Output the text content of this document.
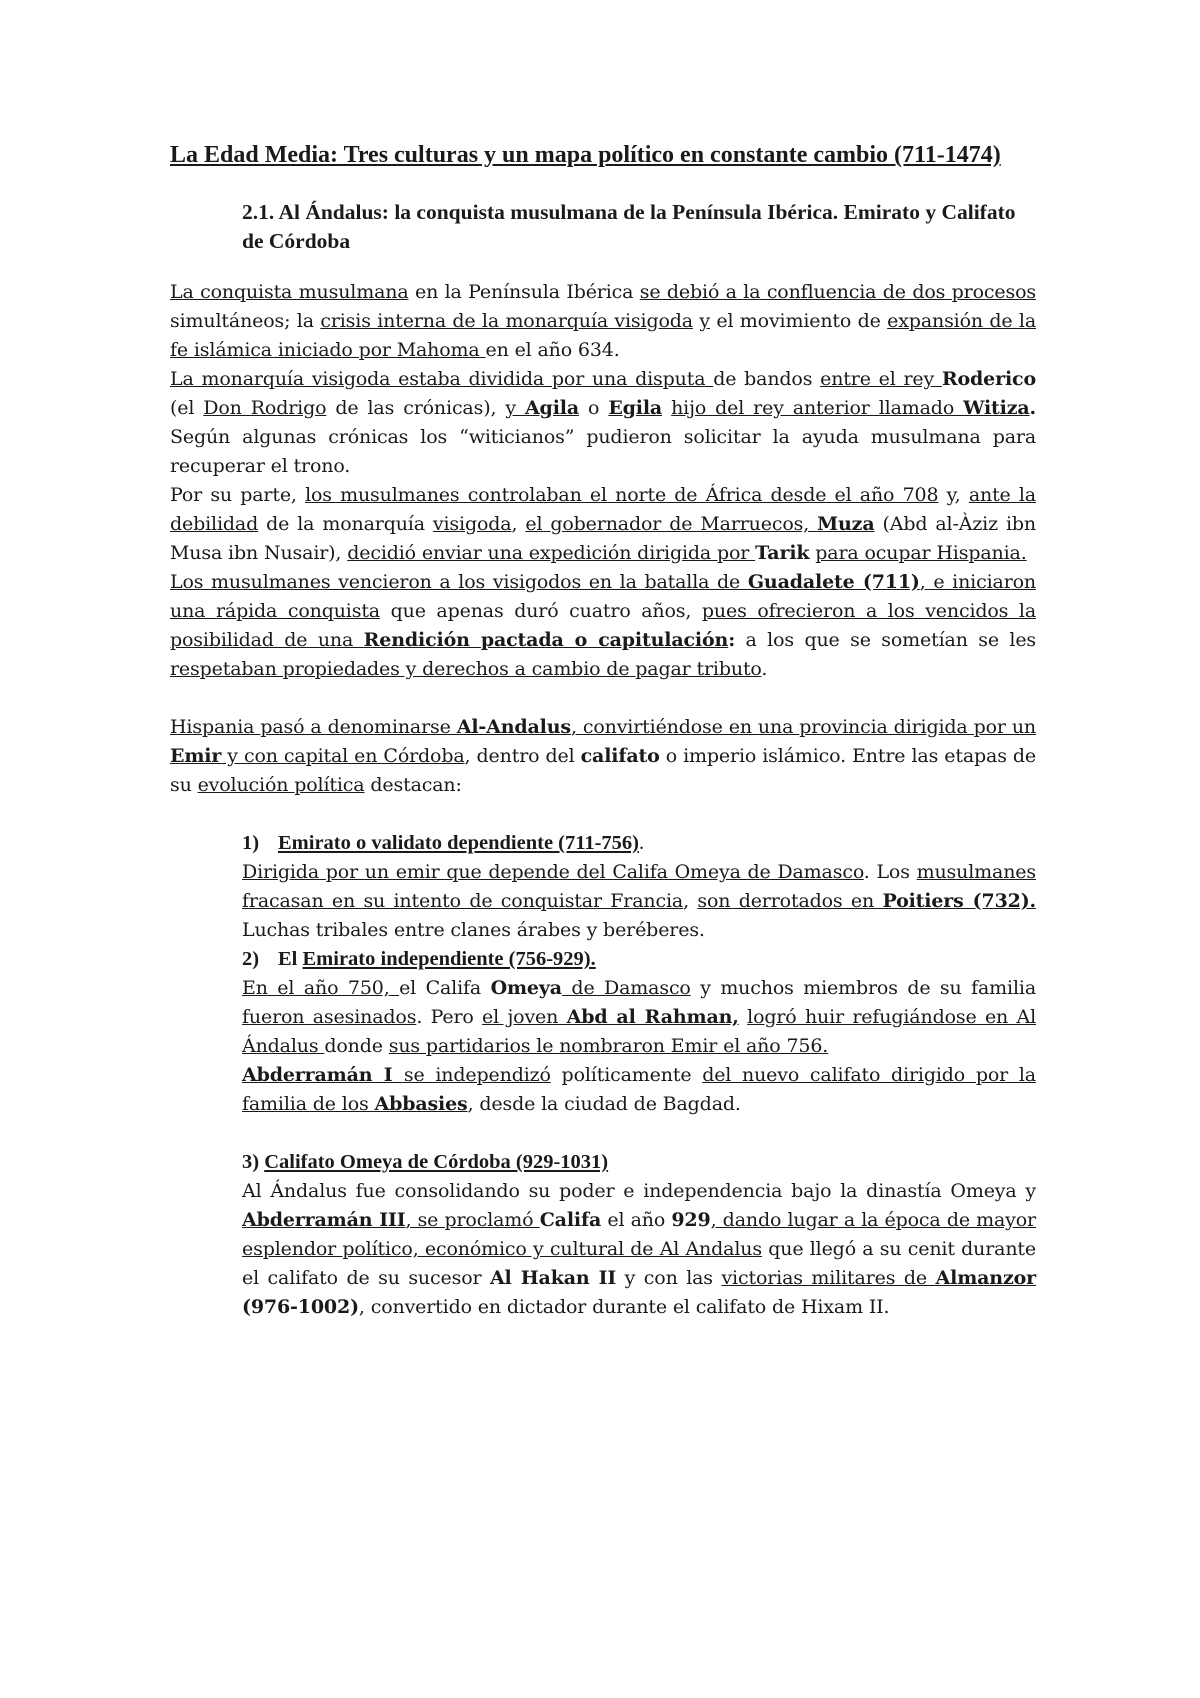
La Edad Media: Tres culturas y un mapa político en constante cambio (711-1474)
2.1. Al Ándalus: la conquista musulmana de la Península Ibérica. Emirato y Califato de Córdoba

La conquista musulmana en la Península Ibérica se debió a la confluencia de dos procesos simultáneos; la crisis interna de la monarquía visigoda y el movimiento de expansión de la fe islámica iniciado por Mahoma en el año 634.

La monarquía visigoda estaba dividida por una disputa de bandos entre el rey Roderico (el Don Rodrigo de las crónicas), y Agila o Egila hijo del rey anterior llamado Witiza. Según algunas crónicas los “witicianos” pudieron solicitar la ayuda musulmana para recuperar el trono.

Por su parte, los musulmanes controlaban el norte de África desde el año 708 y, ante la debilidad de la monarquía visigoda, el gobernador de Marruecos, Muza (Abd al-Àziz ibn Musa ibn Nusair), decidió enviar una expedición dirigida por Tarik para ocupar Hispania.

Los musulmanes vencieron a los visigodos en la batalla de Guadalete (711), e iniciaron una rápida conquista que apenas duró cuatro años, pues ofrecieron a los vencidos la posibilidad de una Rendición pactada o capitulación: a los que se sometían se les respetaban propiedades y derechos a cambio de pagar tributo.

Hispania pasó a denominarse Al-Andalus, convirtiéndose en una provincia dirigida por un Emir y con capital en Córdoba, dentro del califato o imperio islámico. Entre las etapas de su evolución política destacan:

1) Emirato o validato dependiente (711-756).

Dirigida por un emir que depende del Califa Omeya de Damasco. Los musulmanes fracasan en su intento de conquistar Francia, son derrotados en Poitiers (732). Luchas tribales entre clanes árabes y beréberes.

2) El Emirato independiente (756-929).

En el año 750, el Califa Omeya de Damasco y muchos miembros de su familia fueron asesinados. Pero el joven Abd al Rahman, logró huir refugiándose en Al Ándalus donde sus partidarios le nombraron Emir el año 756.

Abderramán I se independizó políticamente del nuevo califato dirigido por la familia de los Abbasies, desde la ciudad de Bagdad.

3) Califato Omeya de Córdoba (929-1031)

Al Ándalus fue consolidando su poder e independencia bajo la dinastía Omeya y Abderramán III, se proclamó Califa el año 929, dando lugar a la época de mayor esplendor político, económico y cultural de Al Andalus que llegó a su cenit durante el califato de su sucesor Al Hakan II y con las victorias militares de Almanzor (976-1002), convertido en dictador durante el califato de Hixam II.
